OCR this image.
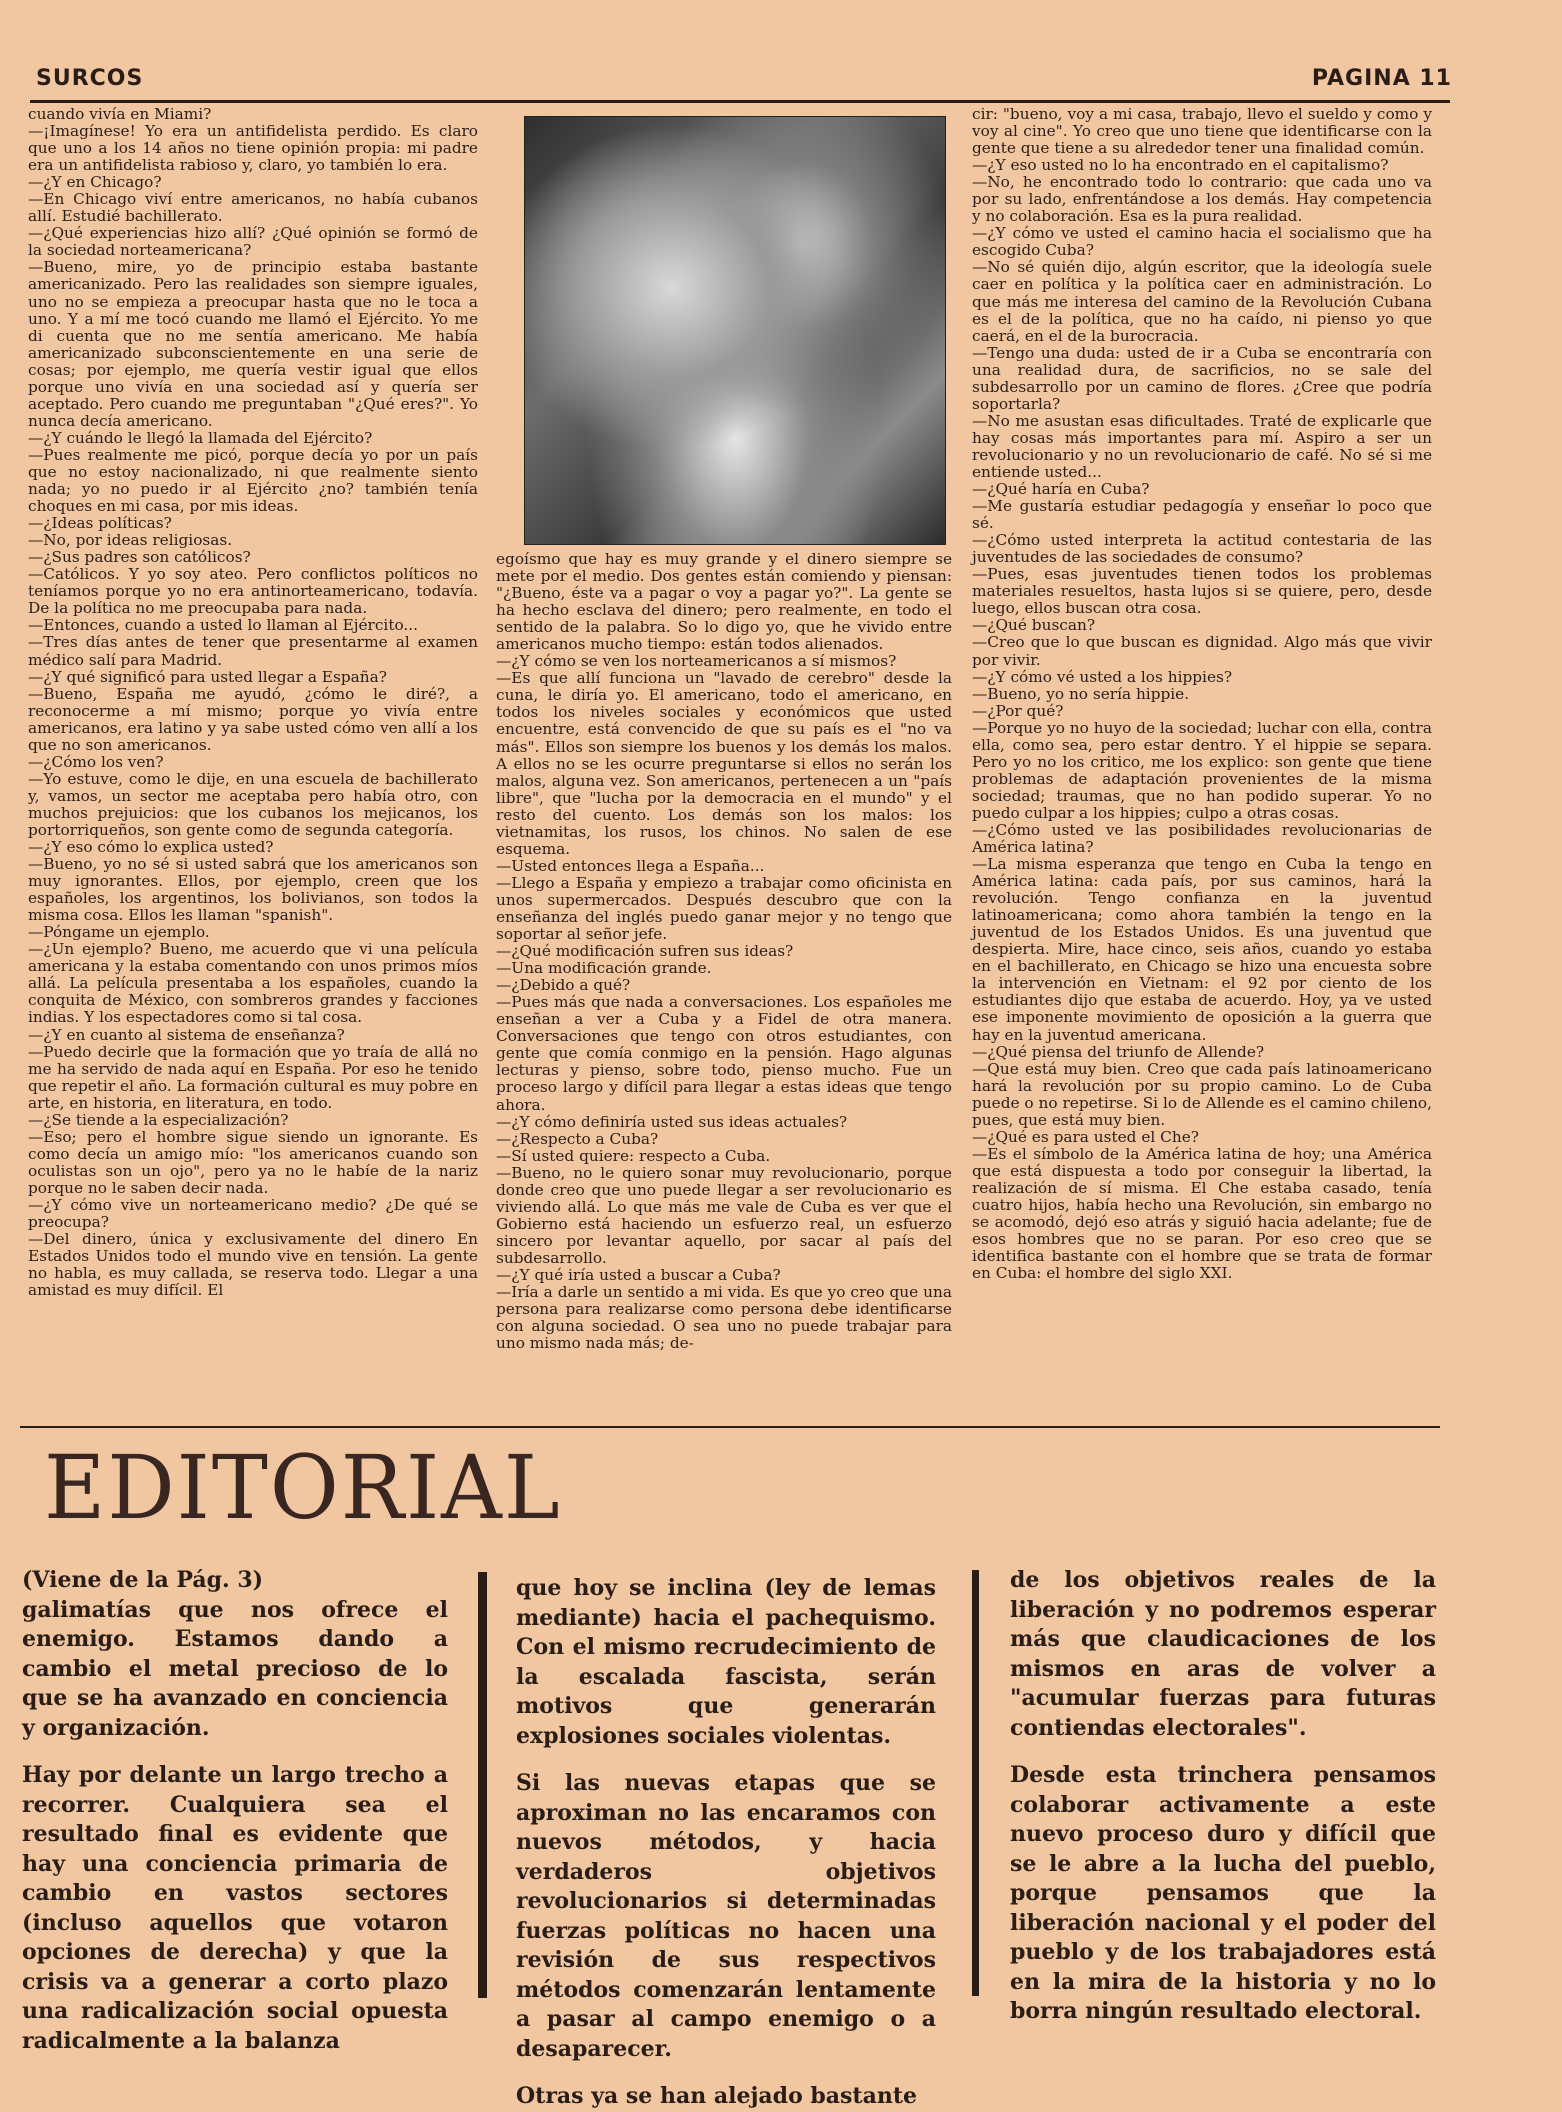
SURCOS	PAGINA 11

cuando vivía en Miami?
—¡Imagínese! Yo era un antifidelista perdido. Es claro que uno a los 14 años no tiene opinión propia: mi padre era un antifidelista rabioso y, claro, yo también lo era.
—¿Y en Chicago?
—En Chicago viví entre americanos, no había cubanos allí. Estudié bachillerato.
—¿Qué experiencias hizo allí? ¿Qué opinión se formó de la sociedad norteamericana?
—Bueno, mire, yo de principio estaba bastante americanizado. Pero las realidades son siempre iguales, uno no se empieza a preocupar hasta que no le toca a uno. Y a mí me tocó cuando me llamó el Ejército. Yo me di cuenta que no me sentía americano. Me había americanizado subconscientemente en una serie de cosas; por ejemplo, me quería vestir igual que ellos porque uno vivía en una sociedad así y quería ser aceptado. Pero cuando me preguntaban "¿Qué eres?". Yo nunca decía americano.
—¿Y cuándo le llegó la llamada del Ejército?
—Pues realmente me picó, porque decía yo por un país que no estoy nacionalizado, ni que realmente siento nada; yo no puedo ir al Ejército ¿no? también tenía choques en mi casa, por mis ideas.
—¿Ideas políticas?
—No, por ideas religiosas.
—¿Sus padres son católicos?
—Católicos. Y yo soy ateo. Pero conflictos políticos no teníamos porque yo no era antinorteamericano, todavía. De la política no me preocupaba para nada.
—Entonces, cuando a usted lo llaman al Ejército...
—Tres días antes de tener que presentarme al examen médico salí para Madrid.
—¿Y qué significó para usted llegar a España?
—Bueno, España me ayudó, ¿cómo le diré?, a reconocerme a mí mismo; porque yo vivía entre americanos, era latino y ya sabe usted cómo ven allí a los que no son americanos.
—¿Cómo los ven?
—Yo estuve, como le dije, en una escuela de bachillerato y, vamos, un sector me aceptaba pero había otro, con muchos prejuicios: que los cubanos los mejicanos, los portorriqueños, son gente como de segunda categoría.
—¿Y eso cómo lo explica usted?
—Bueno, yo no sé si usted sabrá que los americanos son muy ignorantes. Ellos, por ejemplo, creen que los españoles, los argentinos, los bolivianos, son todos la misma cosa. Ellos les llaman "spanish".
—Póngame un ejemplo.
—¿Un ejemplo? Bueno, me acuerdo que vi una película americana y la estaba comentando con unos primos míos allá. La película presentaba a los españoles, cuando la conquita de México, con sombreros grandes y facciones indias. Y los espectadores como si tal cosa.
—¿Y en cuanto al sistema de enseñanza?
—Puedo decirle que la formación que yo traía de allá no me ha servido de nada aquí en España. Por eso he tenido que repetir el año. La formación cultural es muy pobre en arte, en historia, en literatura, en todo.
—¿Se tiende a la especialización?
—Eso; pero el hombre sigue siendo un ignorante. Es como decía un amigo mío: "los americanos cuando son oculistas son un ojo", pero ya no le habíe de la nariz porque no le saben decir nada.
—¿Y cómo vive un norteamericano medio? ¿De qué se preocupa?
—Del dinero, única y exclusivamente del dinero En Estados Unidos todo el mundo vive en tensión. La gente no habla, es muy callada, se reserva todo. Llegar a una amistad es muy difícil. El

egoísmo que hay es muy grande y el dinero siempre se mete por el medio. Dos gentes están comiendo y piensan: "¿Bueno, éste va a pagar o voy a pagar yo?". La gente se ha hecho esclava del dinero; pero realmente, en todo el sentido de la palabra. So lo digo yo, que he vivido entre americanos mucho tiempo: están todos alienados.
—¿Y cómo se ven los norteamericanos a sí mismos?
—Es que allí funciona un "lavado de cerebro" desde la cuna, le diría yo. El americano, todo el americano, en todos los niveles sociales y económicos que usted encuentre, está convencido de que su país es el "no va más". Ellos son siempre los buenos y los demás los malos. A ellos no se les ocurre preguntarse si ellos no serán los malos, alguna vez. Son americanos, pertenecen a un "país libre", que "lucha por la democracia en el mundo" y el resto del cuento. Los demás son los malos: los vietnamitas, los rusos, los chinos. No salen de ese esquema.
—Usted entonces llega a España...
—Llego a España y empiezo a trabajar como oficinista en unos supermercados. Después descubro que con la enseñanza del inglés puedo ganar mejor y no tengo que soportar al señor jefe.
—¿Qué modificación sufren sus ideas?
—Una modificación grande.
—¿Debido a qué?
—Pues más que nada a conversaciones. Los españoles me enseñan a ver a Cuba y a Fidel de otra manera. Conversaciones que tengo con otros estudiantes, con gente que comía conmigo en la pensión. Hago algunas lecturas y pienso, sobre todo, pienso mucho. Fue un proceso largo y difícil para llegar a estas ideas que tengo ahora.
—¿Y cómo definiría usted sus ideas actuales?
—¿Respecto a Cuba?
—Sí usted quiere: respecto a Cuba.
—Bueno, no le quiero sonar muy revolucionario, porque donde creo que uno puede llegar a ser revolucionario es viviendo allá. Lo que más me vale de Cuba es ver que el Gobierno está haciendo un esfuerzo real, un esfuerzo sincero por levantar aquello, por sacar al país del subdesarrollo.
—¿Y qué iría usted a buscar a Cuba?
—Iría a darle un sentido a mi vida. Es que yo creo que una persona para realizarse como persona debe identificarse con alguna sociedad. O sea uno no puede trabajar para uno mismo nada más; de-

cir: "bueno, voy a mi casa, trabajo, llevo el sueldo y como y voy al cine". Yo creo que uno tiene que identificarse con la gente que tiene a su alrededor tener una finalidad común.
—¿Y eso usted no lo ha encontrado en el capitalismo?
—No, he encontrado todo lo contrario: que cada uno va por su lado, enfrentándose a los demás. Hay competencia y no colaboración. Esa es la pura realidad.
—¿Y cómo ve usted el camino hacia el socialismo que ha escogido Cuba?
—No sé quién dijo, algún escritor, que la ideología suele caer en política y la política caer en administración. Lo que más me interesa del camino de la Revolución Cubana es el de la política, que no ha caído, ni pienso yo que caerá, en el de la burocracia.
—Tengo una duda: usted de ir a Cuba se encontraría con una realidad dura, de sacrificios, no se sale del subdesarrollo por un camino de flores. ¿Cree que podría soportarla?
—No me asustan esas dificultades. Traté de explicarle que hay cosas más importantes para mí. Aspiro a ser un revolucionario y no un revolucionario de café. No sé si me entiende usted...
—¿Qué haría en Cuba?
—Me gustaría estudiar pedagogía y enseñar lo poco que sé.
—¿Cómo usted interpreta la actitud contestaria de las juventudes de las sociedades de consumo?
—Pues, esas juventudes tienen todos los problemas materiales resueltos, hasta lujos si se quiere, pero, desde luego, ellos buscan otra cosa.
—¿Qué buscan?
—Creo que lo que buscan es dignidad. Algo más que vivir por vivir.
—¿Y cómo vé usted a los hippies?
—Bueno, yo no sería hippie.
—¿Por qué?
—Porque yo no huyo de la sociedad; luchar con ella, contra ella, como sea, pero estar dentro. Y el hippie se separa. Pero yo no los critico, me los explico: son gente que tiene problemas de adaptación provenientes de la misma sociedad; traumas, que no han podido superar. Yo no puedo culpar a los hippies; culpo a otras cosas.
—¿Cómo usted ve las posibilidades revolucionarias de América latina?
—La misma esperanza que tengo en Cuba la tengo en América latina: cada país, por sus caminos, hará la revolución. Tengo confianza en la juventud latinoamericana; como ahora también la tengo en la juventud de los Estados Unidos. Es una juventud que despierta. Mire, hace cinco, seis años, cuando yo estaba en el bachillerato, en Chicago se hizo una encuesta sobre la intervención en Vietnam: el 92 por ciento de los estudiantes dijo que estaba de acuerdo. Hoy, ya ve usted ese imponente movimiento de oposición a la guerra que hay en la juventud americana.
—¿Qué piensa del triunfo de Allende?
—Que está muy bien. Creo que cada país latinoamericano hará la revolución por su propio camino. Lo de Cuba puede o no repetirse. Si lo de Allende es el camino chileno, pues, que está muy bien.
—¿Qué es para usted el Che?
—Es el símbolo de la América latina de hoy; una América que está dispuesta a todo por conseguir la libertad, la realización de sí misma. El Che estaba casado, tenía cuatro hijos, había hecho una Revolución, sin embargo no se acomodó, dejó eso atrás y siguió hacia adelante; fue de esos hombres que no se paran. Por eso creo que se identifica bastante con el hombre que se trata de formar en Cuba: el hombre del siglo XXI.

EDITORIAL

(Viene de la Pág. 3)
galimatías que nos ofrece el enemigo. Estamos dando a cambio el metal precioso de lo que se ha avanzado en conciencia y organización.

Hay por delante un largo trecho a recorrer. Cualquiera sea el resultado final es evidente que hay una conciencia primaria de cambio en vastos sectores (incluso aquellos que votaron opciones de derecha) y que la crisis va a generar a corto plazo una radicalización social opuesta radicalmente a la balanza

que hoy se inclina (ley de lemas mediante) hacia el pachequismo. Con el mismo recrudecimiento de la escalada fascista, serán motivos que generarán explosiones sociales violentas.

Si las nuevas etapas que se aproximan no las encaramos con nuevos métodos, y hacia verdaderos objetivos revolucionarios si determinadas fuerzas políticas no hacen una revisión de sus respectivos métodos comenzarán lentamente a pasar al campo enemigo o a desaparecer.

Otras ya se han alejado bastante

de los objetivos reales de la liberación y no podremos esperar más que claudicaciones de los mismos en aras de volver a "acumular fuerzas para futuras contiendas electorales".

Desde esta trinchera pensamos colaborar activamente a este nuevo proceso duro y difícil que se le abre a la lucha del pueblo, porque pensamos que la liberación nacional y el poder del pueblo y de los trabajadores está en la mira de la historia y no lo borra ningún resultado electoral.
